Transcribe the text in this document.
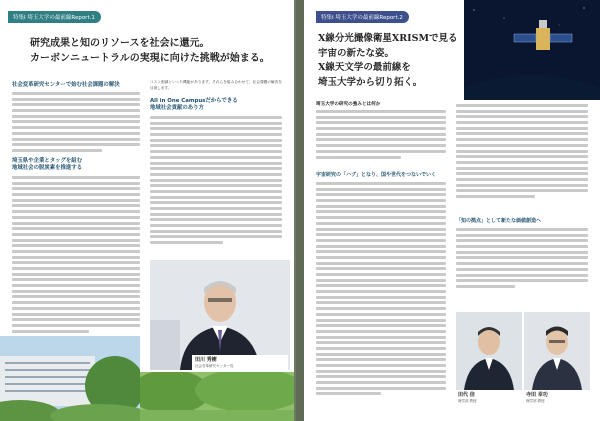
特集Ⅰ 埼玉大学の最前線Report.1
研究成果と知のリソースを社会に還元。
カーボンニュートラルの実現に向けた挑戦が始まる。
社会変革研究センターで始む社会課題の解決
埼玉県や企業とタッグを組む
地域社会の脱炭素を推進する
コスト削減といった機能があります。それらを組み合わせて、社会課題の解決を目指します。
All in One Campusだからできる
地域社会貢献のあり方
田川 秀樹
社会変革研究センター長
特集Ⅰ 埼玉大学の最前線Report.2
X線分光撮像衛星XRISMで見る
宇宙の新たな姿。
X線天文学の最前線を
埼玉大学から切り拓く。
埼玉大学の研究の強みとは何か
宇宙研究の「ハブ」となり、国や世代をつないでいく
「知の拠点」として新たな価値創造へ
田代 信
理学部 教授
寺田 幸功
理学部 教授
